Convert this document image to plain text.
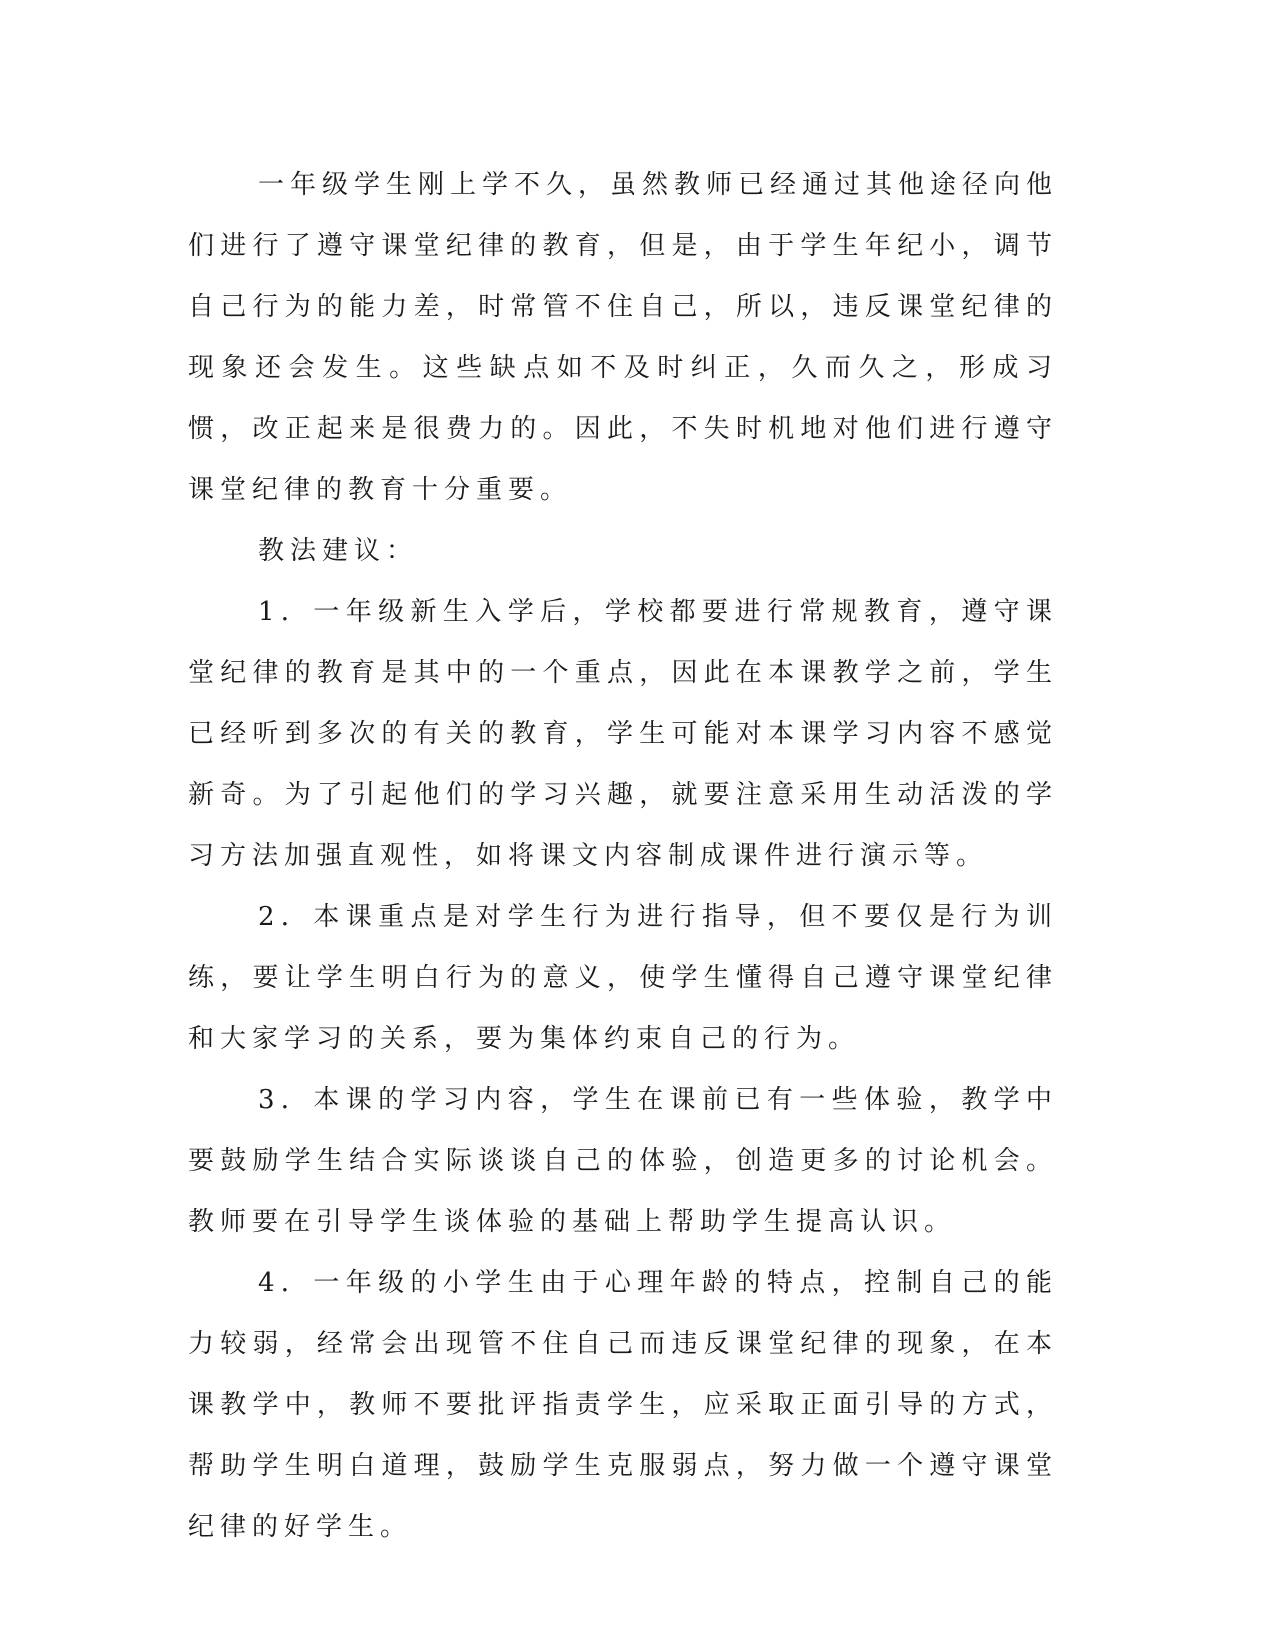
一年级学生刚上学不久，虽然教师已经通过其他途径向他们进行了遵守课堂纪律的教育，但是，由于学生年纪小，调节自己行为的能力差，时常管不住自己，所以，违反课堂纪律的现象还会发生。这些缺点如不及时纠正，久而久之，形成习惯，改正起来是很费力的。因此，不失时机地对他们进行遵守课堂纪律的教育十分重要。

教法建议：

1．一年级新生入学后，学校都要进行常规教育，遵守课堂纪律的教育是其中的一个重点，因此在本课教学之前，学生已经听到多次的有关的教育，学生可能对本课学习内容不感觉新奇。为了引起他们的学习兴趣，就要注意采用生动活泼的学习方法加强直观性，如将课文内容制成课件进行演示等。

2．本课重点是对学生行为进行指导，但不要仅是行为训练，要让学生明白行为的意义，使学生懂得自己遵守课堂纪律和大家学习的关系，要为集体约束自己的行为。

3．本课的学习内容，学生在课前已有一些体验，教学中要鼓励学生结合实际谈谈自己的体验，创造更多的讨论机会。教师要在引导学生谈体验的基础上帮助学生提高认识。

4．一年级的小学生由于心理年龄的特点，控制自己的能力较弱，经常会出现管不住自己而违反课堂纪律的现象，在本课教学中，教师不要批评指责学生，应采取正面引导的方式，帮助学生明白道理，鼓励学生克服弱点，努力做一个遵守课堂纪律的好学生。
